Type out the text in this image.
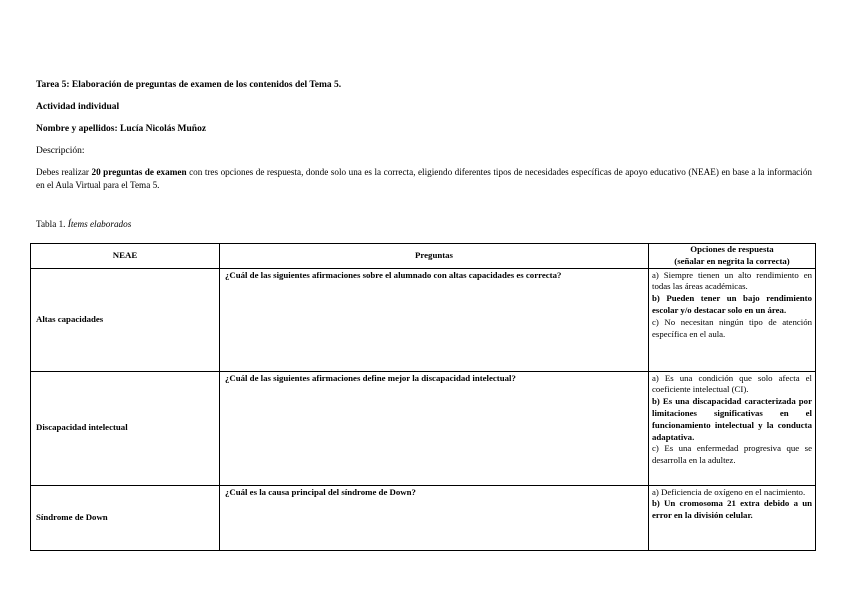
Tarea 5: Elaboración de preguntas de examen de los contenidos del Tema 5.
Actividad individual
Nombre y apellidos: Lucía Nicolás Muñoz
Descripción:
Debes realizar 20 preguntas de examen con tres opciones de respuesta, donde solo una es la correcta, eligiendo diferentes tipos de necesidades específicas de apoyo educativo (NEAE) en base a la información en el Aula Virtual para el Tema 5.
Tabla 1. Ítems elaborados
NEAE	Preguntas	Opciones de respuesta
(señalar en negrita la correcta)

Altas capacidades	¿Cuál de las siguientes afirmaciones sobre el alumnado con altas capacidades es correcta?	a) Siempre tienen un alto rendimiento en todas las áreas académicas.
b) Pueden tener un bajo rendimiento escolar y/o destacar solo en un área.
c) No necesitan ningún tipo de atención específica en el aula.

Discapacidad intelectual	¿Cuál de las siguientes afirmaciones define mejor la discapacidad intelectual?	a) Es una condición que solo afecta el coeficiente intelectual (CI).
b) Es una discapacidad caracterizada por limitaciones significativas en el funcionamiento intelectual y la conducta adaptativa.
c) Es una enfermedad progresiva que se desarrolla en la adultez.

Síndrome de Down	¿Cuál es la causa principal del síndrome de Down?	a) Deficiencia de oxígeno en el nacimiento.
b) Un cromosoma 21 extra debido a un error en la división celular.
